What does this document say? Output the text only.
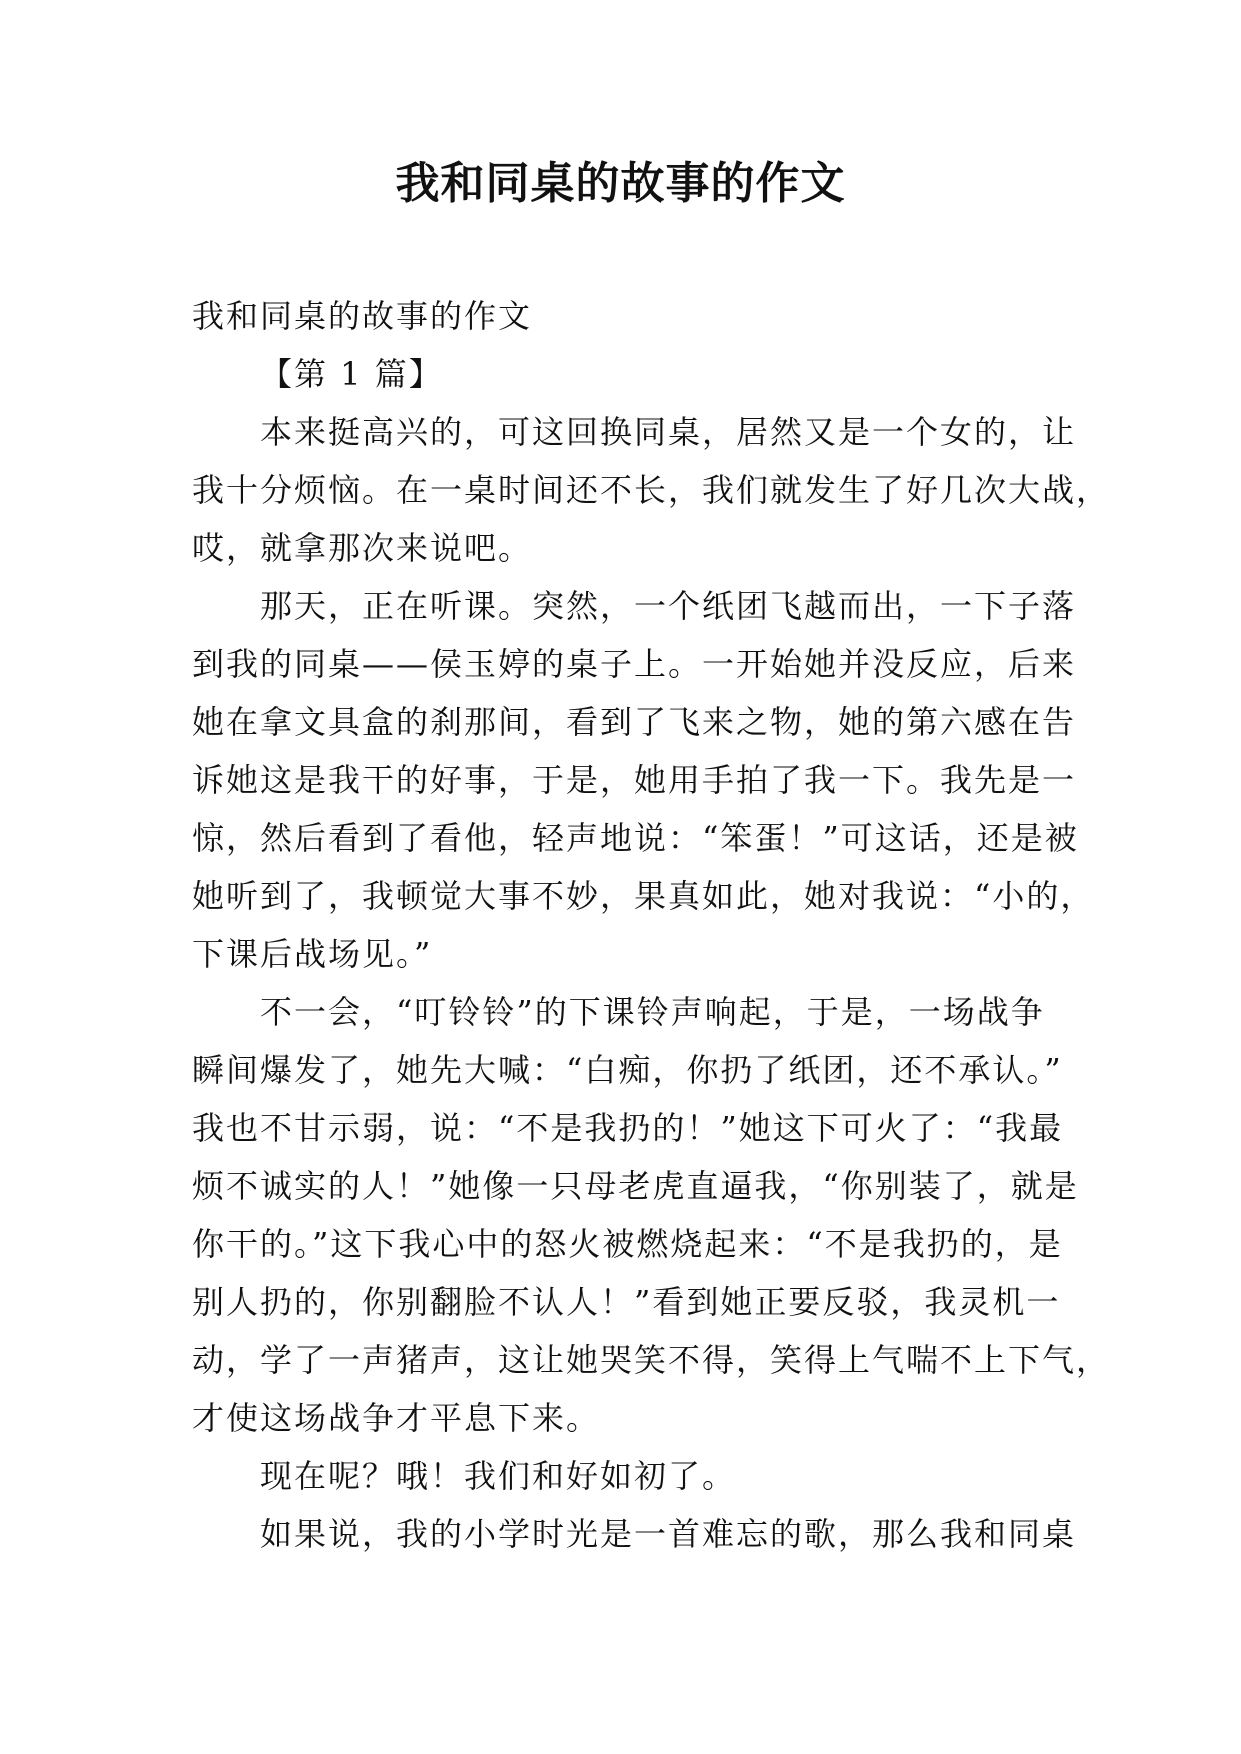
我和同桌的故事的作文
我和同桌的故事的作文
【第 1 篇】
本来挺高兴的，可这回换同桌，居然又是一个女的，让
我十分烦恼。在一桌时间还不长，我们就发生了好几次大战，
哎，就拿那次来说吧。
那天，正在听课。突然，一个纸团飞越而出，一下子落
到我的同桌——侯玉婷的桌子上。一开始她并没反应，后来
她在拿文具盒的刹那间，看到了飞来之物，她的第六感在告
诉她这是我干的好事，于是，她用手拍了我一下。我先是一
惊，然后看到了看他，轻声地说：“笨蛋！”可这话，还是被
她听到了，我顿觉大事不妙，果真如此，她对我说：“小的，
下课后战场见。”
不一会，“叮铃铃”的下课铃声响起，于是，一场战争
瞬间爆发了，她先大喊：“白痴，你扔了纸团，还不承认。”
我也不甘示弱，说：“不是我扔的！”她这下可火了：“我最
烦不诚实的人！”她像一只母老虎直逼我，“你别装了，就是
你干的。”这下我心中的怒火被燃烧起来：“不是我扔的，是
别人扔的，你别翻脸不认人！”看到她正要反驳，我灵机一
动，学了一声猪声，这让她哭笑不得，笑得上气喘不上下气，
才使这场战争才平息下来。
现在呢？哦！我们和好如初了。
如果说，我的小学时光是一首难忘的歌，那么我和同桌
